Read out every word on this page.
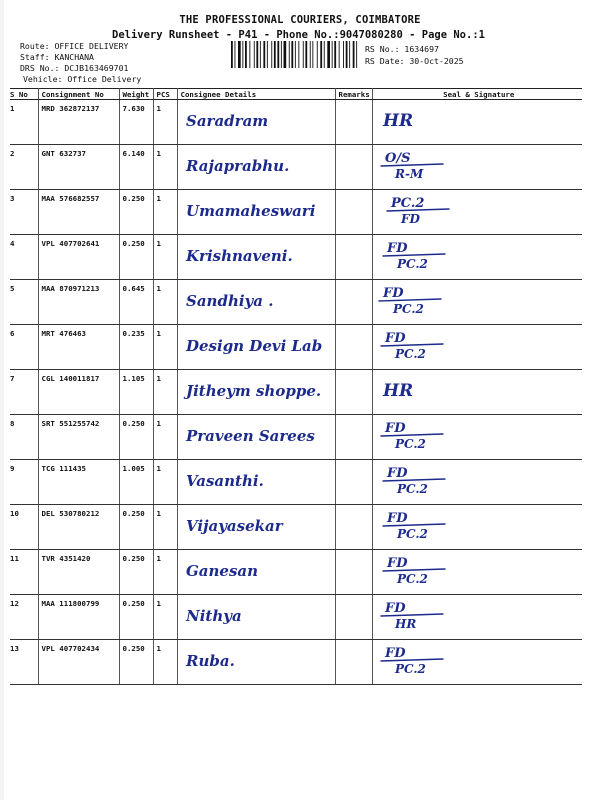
THE PROFESSIONAL COURIERS, COIMBATORE
Delivery Runsheet - P41 - Phone No.:9047080280 - Page No.:1
Route: OFFICE DELIVERY
Staff: KANCHANA
DRS No.: DCJB163469701
Vehicle: Office Delivery
RS No.: 1634697
RS Date: 30-Oct-2025
S No	Consignment No	Weight	PCS	Consignee Details	Remarks	Seal & Signature
1	MRD 362872137	7.630	1	Saradram		HR

2	GNT 632737	6.140	1	Rajaprabhu.		O/S
R-M

3	MAA 576682557	0.250	1	Umamaheswari		PC.2
FD

4	VPL 407702641	0.250	1	Krishnaveni.		FD
PC.2

5	MAA 870971213	0.645	1	Sandhiya .		FD
PC.2

6	MRT 476463	0.235	1	Design Devi Lab		FD
PC.2

7	CGL 140011817	1.105	1	Jitheym shoppe.		HR

8	SRT 551255742	0.250	1	Praveen Sarees		FD
PC.2

9	TCG 111435	1.005	1	Vasanthi.		FD
PC.2

10	DEL 530780212	0.250	1	Vijayasekar		FD
PC.2

11	TVR 4351420	0.250	1	Ganesan		FD
PC.2

12	MAA 111800799	0.250	1	Nithya		FD
HR

13	VPL 407702434	0.250	1	Ruba.		FD
PC.2
